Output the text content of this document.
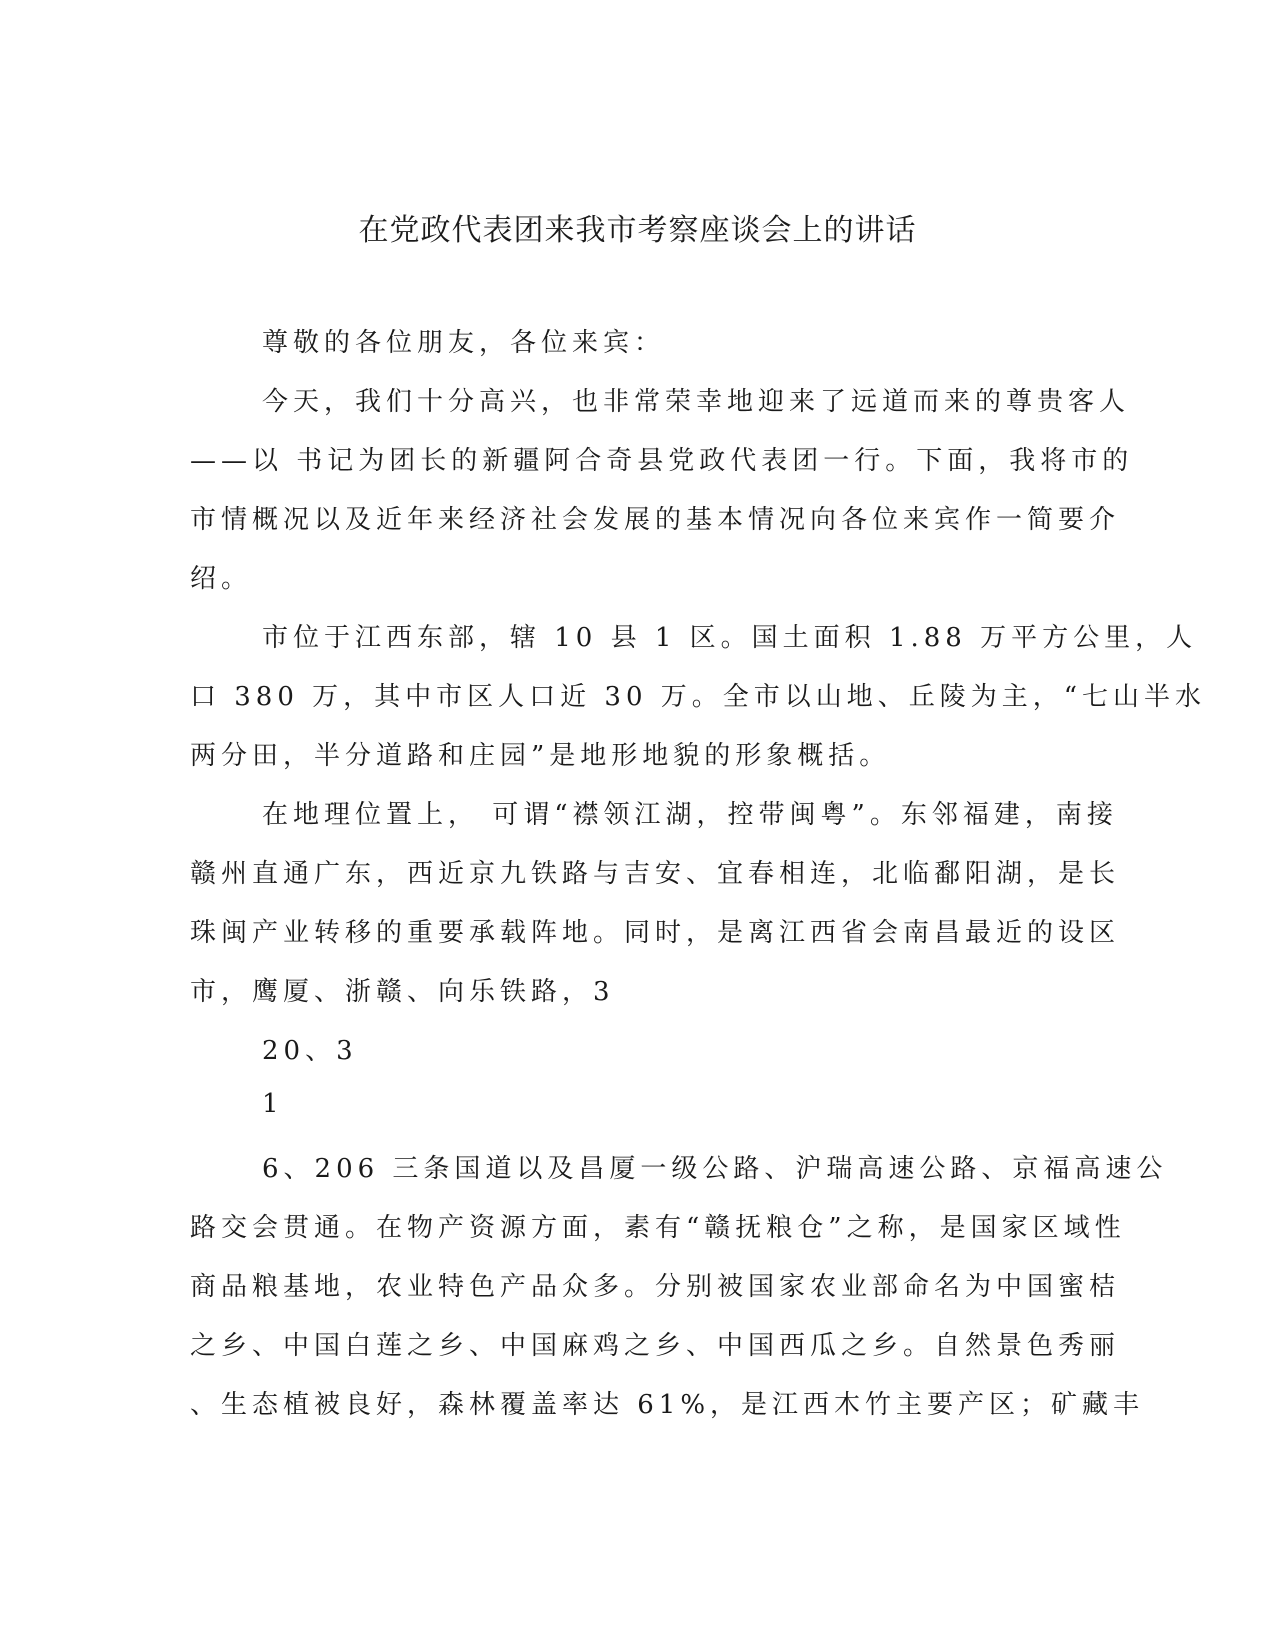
在党政代表团来我市考察座谈会上的讲话
尊敬的各位朋友，各位来宾：
今天，我们十分高兴，也非常荣幸地迎来了远道而来的尊贵客人
——以 书记为团长的新疆阿合奇县党政代表团一行。下面，我将市的
市情概况以及近年来经济社会发展的基本情况向各位来宾作一简要介
绍。
市位于江西东部，辖 10 县 1 区。国土面积 1.88 万平方公里，人
口 380 万，其中市区人口近 30 万。全市以山地、丘陵为主，“七山半水
两分田，半分道路和庄园”是地形地貌的形象概括。
在地理位置上， 可谓“襟领江湖，控带闽粤”。东邻福建，南接
赣州直通广东，西近京九铁路与吉安、宜春相连，北临鄱阳湖，是长
珠闽产业转移的重要承载阵地。同时，是离江西省会南昌最近的设区
市，鹰厦、浙赣、向乐铁路，3
20、3
1
6、206 三条国道以及昌厦一级公路、沪瑞高速公路、京福高速公
路交会贯通。在物产资源方面，素有“赣抚粮仓”之称，是国家区域性
商品粮基地，农业特色产品众多。分别被国家农业部命名为中国蜜桔
之乡、中国白莲之乡、中国麻鸡之乡、中国西瓜之乡。自然景色秀丽
、生态植被良好，森林覆盖率达 61%，是江西木竹主要产区；矿藏丰
